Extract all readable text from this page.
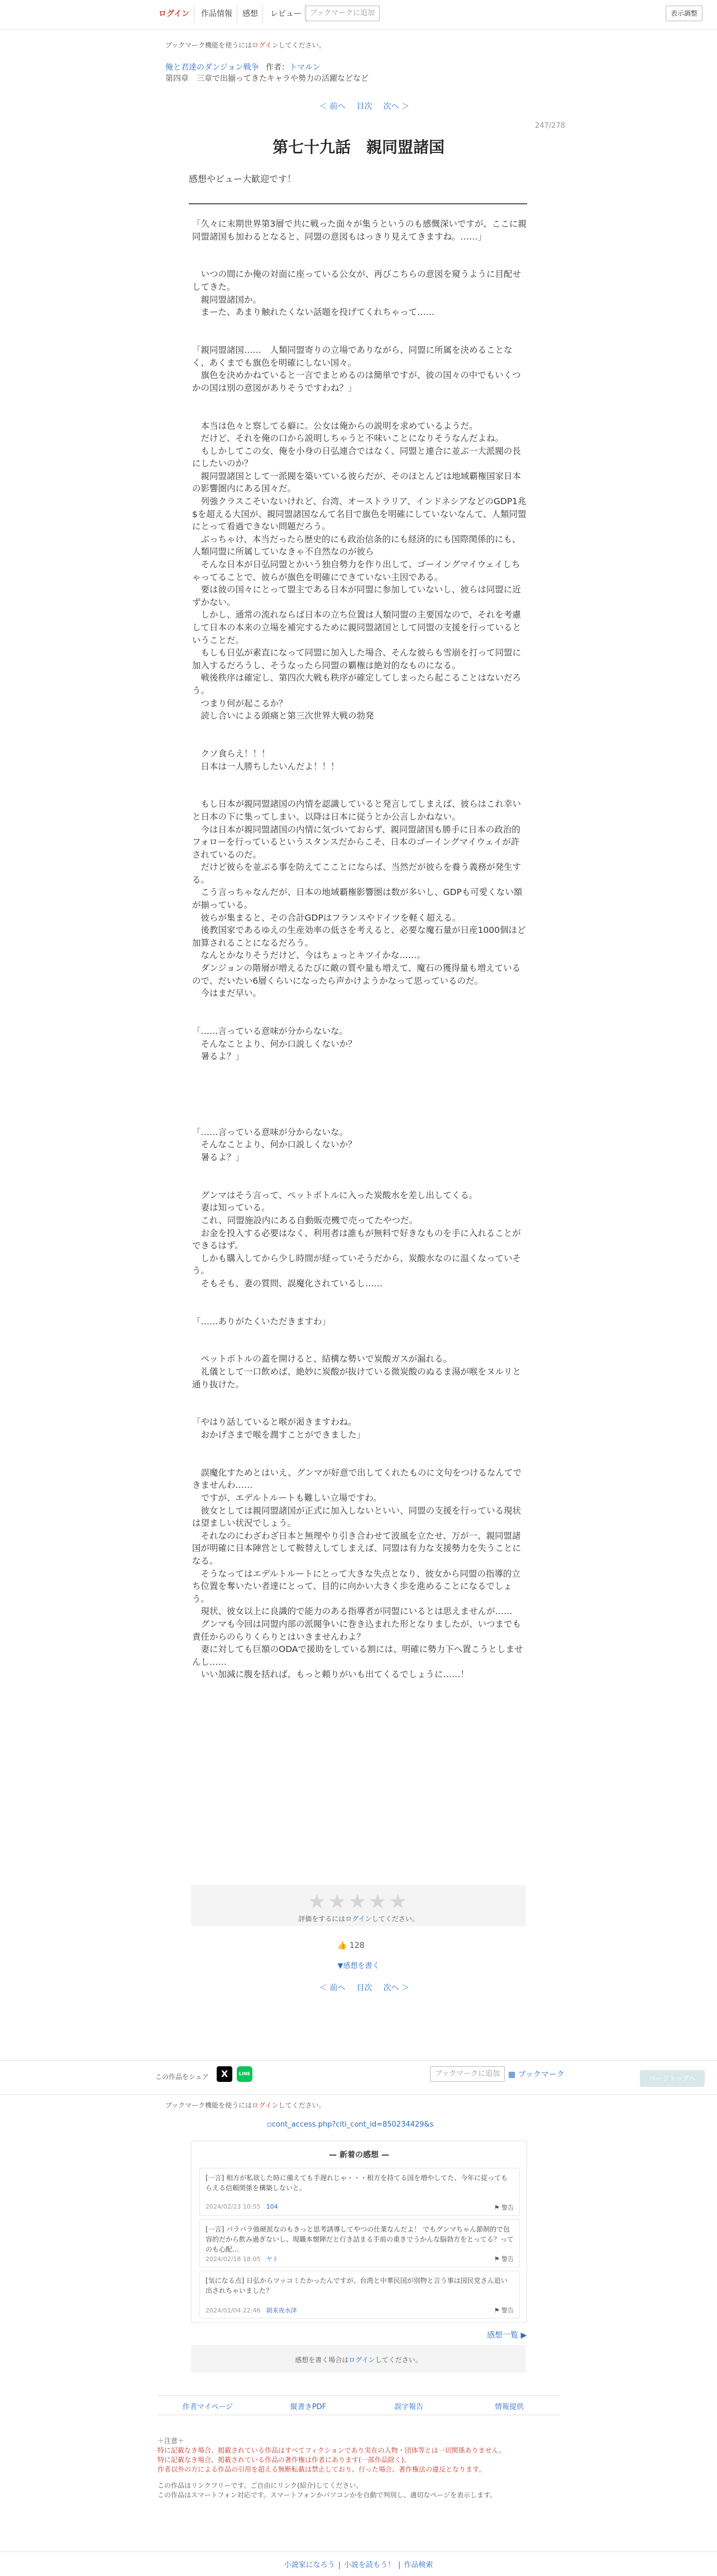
ログイン	作品情報	感想	レビュー	ブックマークに追加	表示調整
ブックマーク機能を使うにはログインしてください。
俺と君達のダンジョン戦争 作者：トマルン
第四章　三章で出揃ってきたキャラや勢力の活躍などなど
＜ 前へ 目次 次へ ＞
247/278
第七十九話　親同盟諸国
感想やビュー大歓迎です！

「久々に末期世界第3層で共に戦った面々が集うというのも感慨深いですが、ここに親同盟諸国も加わるとなると、同盟の意図もはっきり見えてきますね。……」

　いつの間にか俺の対面に座っている公女が、再びこちらの意図を窺うように目配せしてきた。

　親同盟諸国か。

　まーた、あまり触れたくない話題を投げてくれちゃって……

「親同盟諸国……　人類同盟寄りの立場でありながら、同盟に所属を決めることなく、あくまでも旗色を明確にしない国々。

　旗色を決めかねていると一言でまとめるのは簡単ですが、彼の国々の中でもいくつかの国は別の意図がありそうですわね？」

　本当は色々と察してる癖に。公女は俺からの説明を求めているようだ。

　だけど、それを俺の口から説明しちゃうと不味いことになりそうなんだよね。

　もしかしてこの女、俺を小身の日弘連合ではなく、同盟と連合に並ぶ一大派閥の長にしたいのか？

　親同盟諸国として一派閥を築いている彼らだが、そのほとんどは地域覇権国家日本の影響圏内にある国々だ。

　列強クラスこそいないけれど、台湾、オーストラリア、インドネシアなどのGDP1兆$を超える大国が、親同盟諸国なんて名目で旗色を明確にしていないなんて、人類同盟にとって看過できない問題だろう。

　ぶっちゃけ、本当だったら歴史的にも政治信条的にも経済的にも国際関係的にも、人類同盟に所属していなきゃ不自然なのが彼ら

　そんな日本が日弘同盟とかいう独自勢力を作り出して、ゴーイングマイウェイしちゃってることで、彼らが旗色を明確にできていない主因である。

　要は彼の国々にとって盟主である日本が同盟に参加していないし、彼らは同盟に近ずかない。

　しかし、通常の流れならば日本の立ち位置は人類同盟の主要国なので、それを考慮して日本の本来の立場を補完するために親同盟諸国として同盟の支援を行っているということだ。

　もしも日弘が素直になって同盟に加入した場合、そんな彼らも雪崩を打って同盟に加入するだろうし、そうなったら同盟の覇権は絶対的なものになる。

　戦後秩序は確定し、第四次大戦も秩序が確定してしまったら起こることはないだろう。

　つまり何が起こるか？

　読し合いによる頭痛と第三次世界大戦の勃発

　クソ食らえ！！！

　日本は一人勝ちしたいんだよ！！！

　もし日本が親同盟諸国の内情を認識していると発言してしまえば、彼らはこれ幸いと日本の下に集ってしまい、以降は日本に従うとか公言しかねない。

　今は日本が親同盟諸国の内情に気づいておらず、親同盟諸国も勝手に日本の政治的フォローを行っているというスタンスだからこそ、日本のゴーイングマイウェイが許されているのだ。

　だけど彼らを並ぶる事を防えてこことにならば、当然だが彼らを養う義務が発生する。

　こう言っちゃなんだが、日本の地域覇権影響圏は数が多いし、GDPも可愛くない額が揃っている。

　彼らが集まると、その合計GDPはフランスやドイツを軽く超える。

　後教国家であるゆえの生産効率の低さを考えると、必要な魔石量が日産1000個ほど加算されることになるだろう。

　なんとかなりそうだけど、今はちょっとキツイかな……。

　ダンジョンの階層が増えるたびに敵の質や量も増えて、魔石の獲得量も増えているので、だいたい6層くらいになったら声かけようかなって思っているのだ。

　今はまだ早い。

「……言っている意味が分からないな。

　そんなことより、何か口説しくないか？

　暑るよ？」

「……言っている意味が分からないな。

　そんなことより、何か口説しくないか？

　暑るよ？」

　グンマはそう言って、ペットボトルに入った炭酸水を差し出してくる。

　妻は知っている。

　これ、同盟施設内にある自動販売機で売ってたやつだ。

　お金を投入する必要はなく、利用者は誰もが無料で好きなものを手に入れることができるはず。

　しかも購入してから少し時間が経っていそうだから、炭酸水なのに温くなっていそう。

　そもそも、妻の質問、誤魔化されているし……

「……ありがたくいただきますわ」

　ペットボトルの蓋を開けると、結構な勢いで炭酸ガスが漏れる。

　礼儀として一口飲めば、絶妙に炭酸が抜けている微炭酸のぬるま湯が喉をヌルリと通り抜けた。

「やはり話していると喉が渇きますわね。

　おかげさまで喉を潤すことができました」

　誤魔化すためとはいえ、グンマが好意で出してくれたものに文句をつけるなんてできませんわ……

　ですが、エデルトルートも難しい立場ですわ。

　彼女としては親同盟諸国が正式に加入しないといい、同盟の支援を行っている現状は望ましい状況でしょう。

　それなのにわざわざ日本と無理やり引き合わせて波風を立たせ、万が一、親同盟諸国が明確に日本陣営として鞍替えしてしまえば、同盟は有力な支援勢力を失うことになる。

　そうなってはエデルトルートにとって大きな失点となり、彼女から同盟の指導的立ち位置を奪いたい者達にとって、目的に向かい大きく歩を進めることになるでしょう。

　現状、彼女以上に良識的で能力のある指導者が同盟にいるとは思えませんが……

　グンマも今回は同盟内部の派閥争いに巻き込まれた形となりましたが、いつまでも責任からのらりくらりとはいきませんわよ？

　妻に対しても巨額のODAで援助をしている割には、明確に勢力下へ置こうとしませんし……

　いい加減に腹を括れば、もっと頼りがいも出てくるでしょうに……！

★★★★★
評価をするにはログインしてください。
👍 128
▼感想を書く
＜ 前へ 目次 次へ ＞
この作品をシェア	X	LINE	ブックマークに追加	▦ ブックマーク	ページトップへ
ブックマーク機能を使うにはログインしてください。
▫cont_access.php?citi_cont_id=850234429&s
— 新着の感想 —
[一言] 相方が私欲した時に備えても手遅れじゃ・・・相方を持てる国を増やしてた、今年に従ってもらえる信頼関係を構築しないと。
2024/02/23 10:55 104	⚑ 警告
[一言] パラパラ強硬派なのもきっと思考誘導してやつの仕業なんだよ！ でもグンマちゃん節制的で包容的だから飲み過ぎないし、現職本懐陣だと行き詰まる手前の重きでうかんな脳勃方をとってる？ってのも心配…
2024/02/18 18:05 ヤト	⚑ 警告
[気になる点] 日弘からツッコミたかったんですが、台湾と中華民国が別物と言う事は国民党さん追い出されちゃいました？
2024/01/04 22:46 朝来夜水津	⚑ 警告
感想一覧 ▶
感想を書く場合はログインしてください。
作者マイページ	縦書きPDF	誤字報告	情報提供
＋注意＋
特に記載なき場合、掲載されている作品はすべてフィクションであり実在の人物・団体等とは一切関係ありません。
特に記載なき場合、掲載されている作品の著作権は作者にあります(一部作品除く)。
作者以外の方による作品の引用を超える無断転載は禁止しており、行った場合、著作権法の違反となります。
この作品はリンクフリーです。ご自由にリンク(紹介)してください。
この作品はスマートフォン対応です。スマートフォンかパソコンかを自動で判別し、適切なページを表示します。
小説家になろう | 小説を読もう！ | 作品検索
